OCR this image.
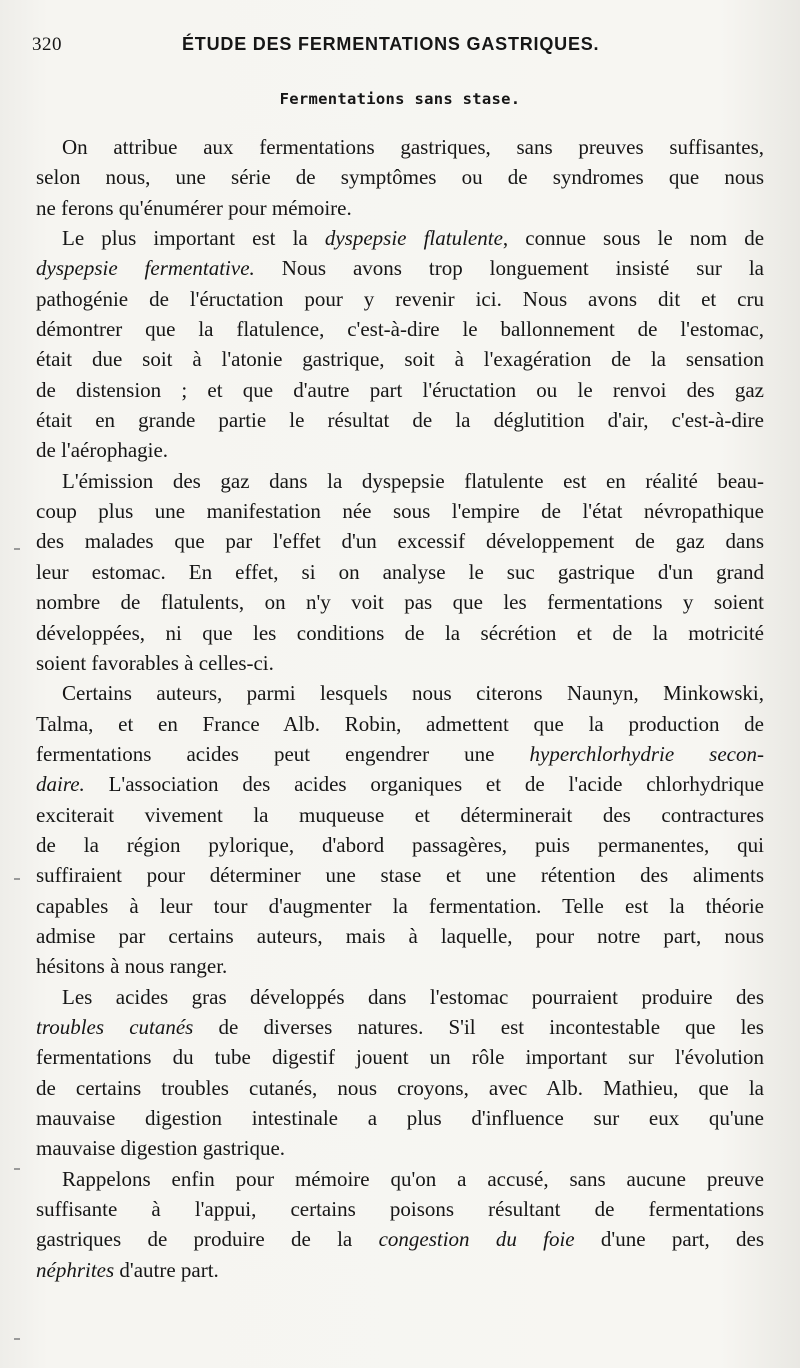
320	ÉTUDE DES FERMENTATIONS GASTRIQUES.
Fermentations sans stase.
On attribue aux fermentations gastriques, sans preuves suffisantes,
selon nous, une série de symptômes ou de syndromes que nous
ne ferons qu'énumérer pour mémoire.
Le plus important est la dyspepsie flatulente, connue sous le nom de
dyspepsie fermentative. Nous avons trop longuement insisté sur la
pathogénie de l'éructation pour y revenir ici. Nous avons dit et cru
démontrer que la flatulence, c'est-à-dire le ballonnement de l'estomac,
était due soit à l'atonie gastrique, soit à l'exagération de la sensation
de distension ; et que d'autre part l'éructation ou le renvoi des gaz
était en grande partie le résultat de la déglutition d'air, c'est-à-dire
de l'aérophagie.
L'émission des gaz dans la dyspepsie flatulente est en réalité beau-
coup plus une manifestation née sous l'empire de l'état névropathique
des malades que par l'effet d'un excessif développement de gaz dans
leur estomac. En effet, si on analyse le suc gastrique d'un grand
nombre de flatulents, on n'y voit pas que les fermentations y soient
développées, ni que les conditions de la sécrétion et de la motricité
soient favorables à celles-ci.
Certains auteurs, parmi lesquels nous citerons Naunyn, Minkowski,
Talma, et en France Alb. Robin, admettent que la production de
fermentations acides peut engendrer une hyperchlorhydrie secon-
daire. L'association des acides organiques et de l'acide chlorhydrique
exciterait vivement la muqueuse et déterminerait des contractures
de la région pylorique, d'abord passagères, puis permanentes, qui
suffiraient pour déterminer une stase et une rétention des aliments
capables à leur tour d'augmenter la fermentation. Telle est la théorie
admise par certains auteurs, mais à laquelle, pour notre part, nous
hésitons à nous ranger.
Les acides gras développés dans l'estomac pourraient produire des
troubles cutanés de diverses natures. S'il est incontestable que les
fermentations du tube digestif jouent un rôle important sur l'évolution
de certains troubles cutanés, nous croyons, avec Alb. Mathieu, que la
mauvaise digestion intestinale a plus d'influence sur eux qu'une
mauvaise digestion gastrique.
Rappelons enfin pour mémoire qu'on a accusé, sans aucune preuve
suffisante à l'appui, certains poisons résultant de fermentations
gastriques de produire de la congestion du foie d'une part, des
néphrites d'autre part.
